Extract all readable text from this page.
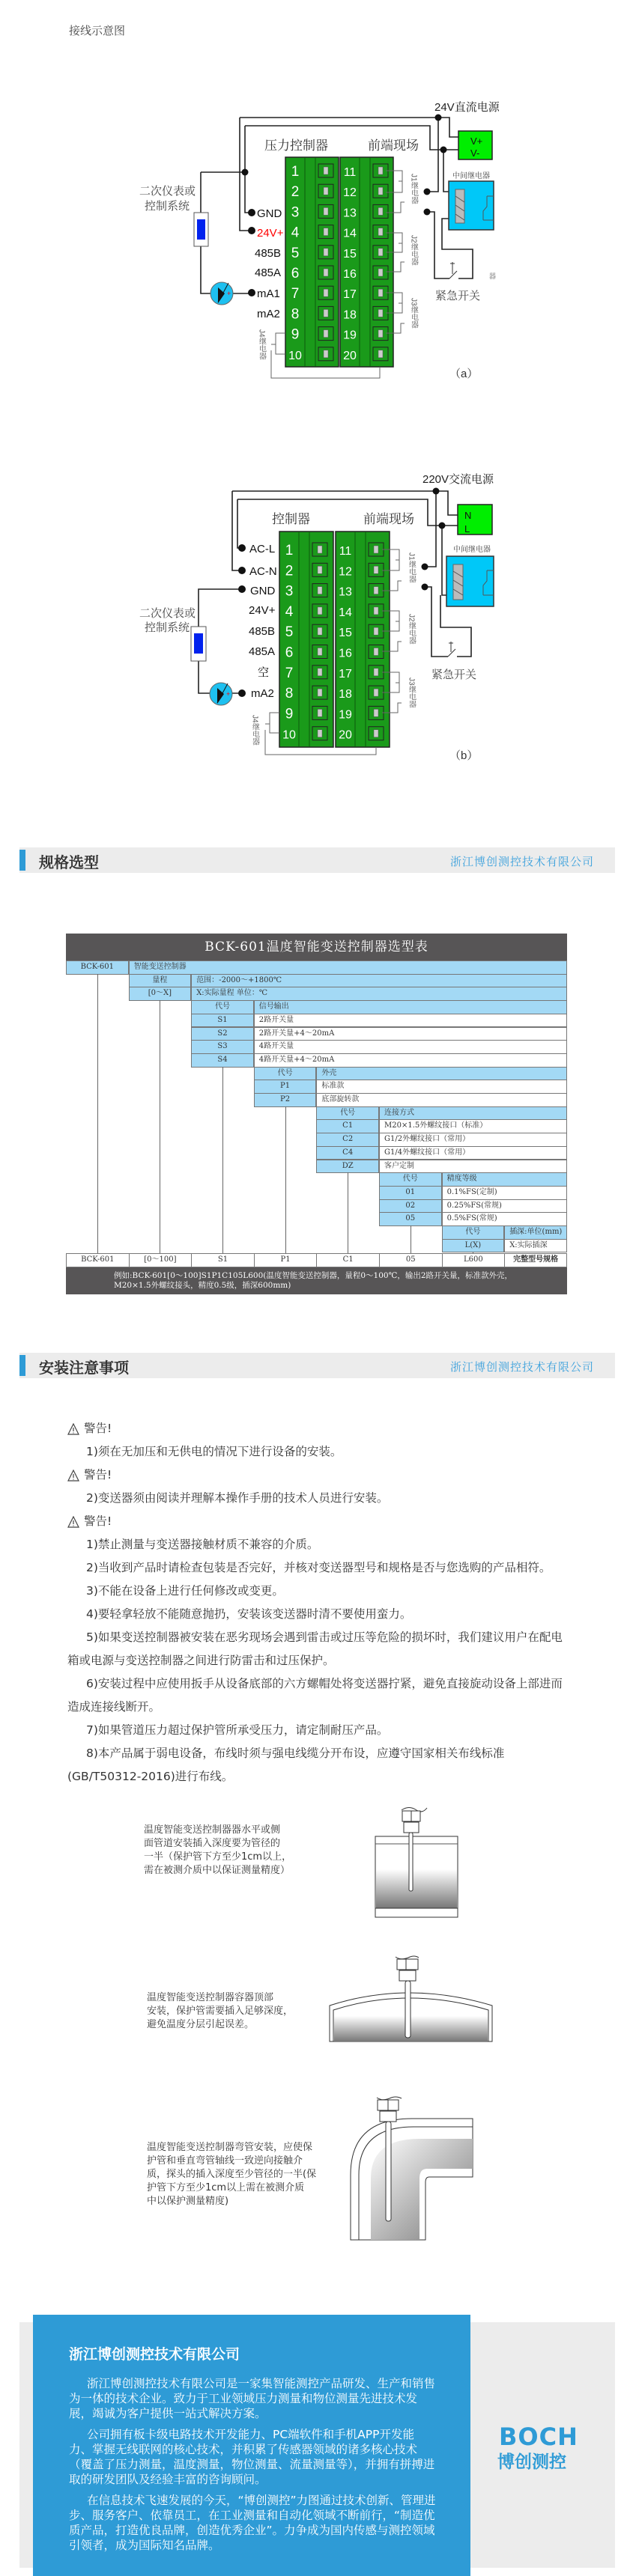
接线示意图
1
2
3
4
5
6
7
8
9
10
11
12
13
14
15
16
17
18
19
20
24V直流电源
V+
V-
压力控制器	前端现场
中间继电器
紧急开关
器
二次仪表或
控制系统
+
GND
24V+
485B
485A
mA1
mA2
J1继电器
J2继电器
J3继电器
J4继电器
（a）
1
2
3
4
5
6
7
8
9
10
11
12
13
14
15
16
17
18
19
20
220V交流电源
N
L
控制器	前端现场
中间继电器
紧急开关
二次仪表或
控制系统
+
AC-L
AC-N
GND
24V+
485B
485A
空
mA2
J1继电器
J2继电器
J3继电器
J4继电器
（b）
规格选型	浙江博创测控技术有限公司
BCK-601温度智能变送控制器选型表
BCK-601	智能变送控制器
量程	范围：-2000～+1800℃
[0～X]	X:实际量程 单位：℃
代号	信号输出
S1	2路开关量
S2	2路开关量+4～20mA
S3	4路开关量
S4	4路开关量+4～20mA
代号	外壳
P1	标准款
P2	底部旋转款
代号	连接方式
C1	M20×1.5外螺纹接口（标准）
C2	G1/2外螺纹接口（常用）
C4	G1/4外螺纹接口（常用）
DZ	客户定制
代号	精度等级
01	0.1%FS(定制)
02	0.25%FS(常规)
05	0.5%FS(常规)
代号	插深:单位(mm)
L(X)	X:实际插深
BCK-601	[0～100]	S1	P1	C1	05	L600	完整型号规格
例如:BCK-601[0～100]S1P1C105L600(温度智能变送控制器，量程0～100℃，输出2路开关量，标准款外壳，
M20×1.5外螺纹接头，精度0.5级，插深600mm)
安装注意事项	浙江博创测控技术有限公司
警告!

1)须在无加压和无供电的情况下进行设备的安装。

警告!

2)变送器须由阅读并理解本操作手册的技术人员进行安装。

警告!

1)禁止测量与变送器接触材质不兼容的介质。

2)当收到产品时请检查包装是否完好，并核对变送器型号和规格是否与您选购的产品相符。

3)不能在设备上进行任何修改或变更。

4)要轻拿轻放不能随意抛扔，安装该变送器时清不要使用蛮力。

5)如果变送控制器被安装在恶劣现场会遇到雷击或过压等危险的损坏时，我们建议用户在配电箱或电源与变送控制器之间进行防雷击和过压保护。

6)安装过程中应使用扳手从设备底部的六方螺帽处将变送器拧紧，避免直接旋动设备上部进而造成连接线断开。

7)如果管道压力超过保护管所承受压力，请定制耐压产品。

8)本产品属于弱电设备，布线时须与强电线缆分开布设，应遵守国家相关布线标准(GB/T50312-2016)进行布线。

温度智能变送控制器器水平或侧
面管道安装插入深度要为管径的
一半（保护管下方至少1cm以上，
需在被测介质中以保证测量精度）
温度智能变送控制器容器顶部
安装，保护管需要插入足够深度，
避免温度分层引起误差。
温度智能变送控制器弯管安装，应使保
护管和垂直弯管轴线一致逆向接触介
质，探头的插入深度至少管径的一半(保
护管下方至少1cm以上需在被测介质
中以保护测量精度)
浙江博创测控技术有限公司

浙江博创测控技术有限公司是一家集智能测控产品研发、生产和销售为一体的技术企业。致力于工业领域压力测量和物位测量先进技术发展，竭诚为客户提供一站式解决方案。

公司拥有板卡级电路技术开发能力、PC端软件和手机APP开发能力、掌握无线联网的核心技术，并积累了传感器领域的诸多核心技术（覆盖了压力测量，温度测量，物位测量、流量测量等），并拥有拼搏进取的研发团队及经验丰富的咨询顾问。

在信息技术飞速发展的今天，“博创测控”力图通过技术创新、管理进步、服务客户、依靠员工，在工业测量和自动化领域不断前行，“制造优质产品，打造优良品牌，创造优秀企业”。力争成为国内传感与测控领域引领者，成为国际知名品牌。

BOCH
博创测控
